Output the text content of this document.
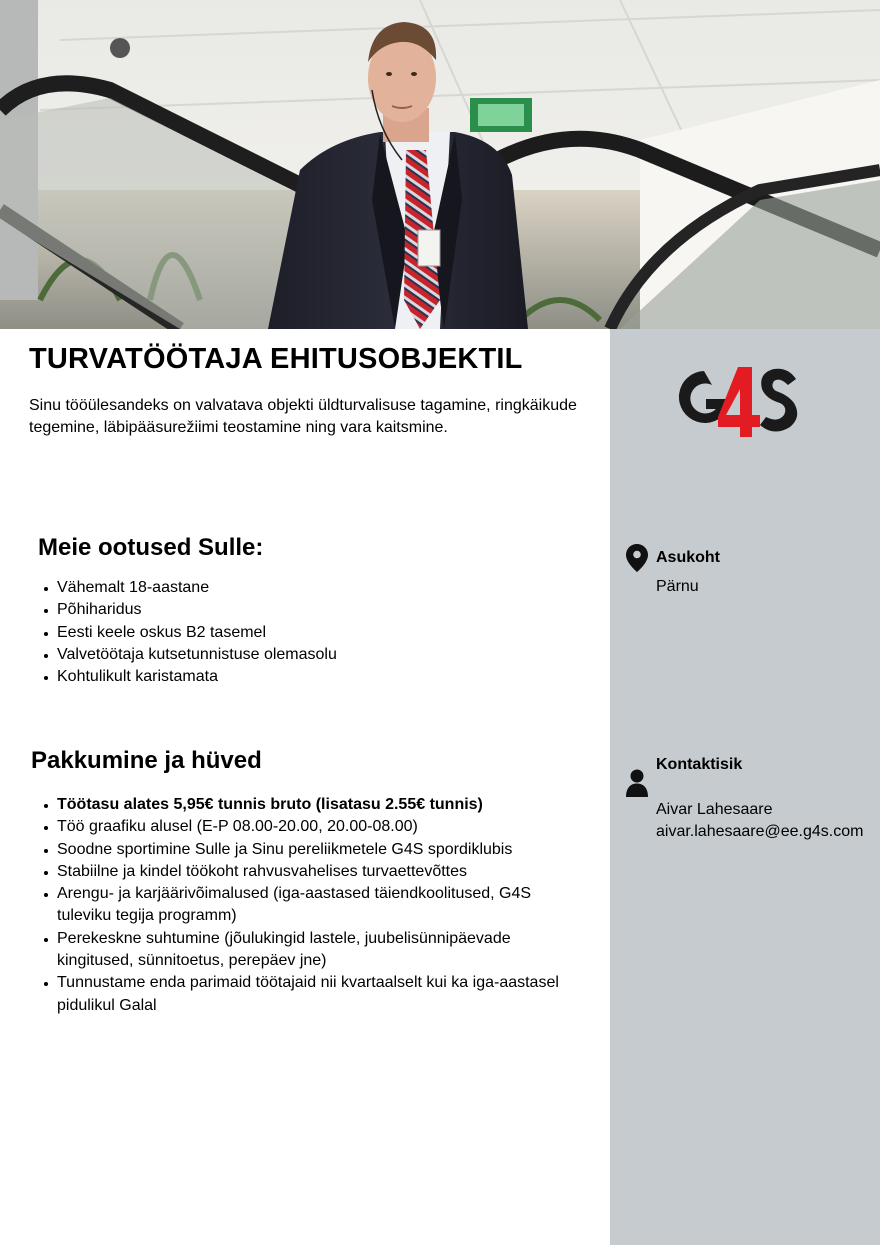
TURVATÖÖTAJA EHITUSOBJEKTIL

Sinu tööülesandeks on valvatava objekti üldturvalisuse tagamine, ringkäikude tegemine, läbipääsurežiimi teostamine ning vara kaitsmine.

Meie ootused Sulle:
Vähemalt 18-aastane
Põhiharidus
Eesti keele oskus B2 tasemel
Valvetöötaja kutsetunnistuse olemasolu
Kohtulikult karistamata
Pakkumine ja hüved
Töötasu alates 5,95€ tunnis bruto (lisatasu 2.55€ tunnis)
Töö graafiku alusel (E-P 08.00-20.00, 20.00-08.00)
Soodne sportimine Sulle ja Sinu pereliikmetele G4S spordiklubis
Stabiilne ja kindel töökoht rahvusvahelises turvaettevõttes
Arengu- ja karjäärivõimalused (iga-aastased täiendkoolitused, G4S tuleviku tegija programm)
Perekeskne suhtumine (jõulukingid lastele, juubelisünnipäevade kingitused, sünnitoetus, perepäev jne)
Tunnustame enda parimaid töötajaid nii kvartaalselt kui ka iga-aastasel pidulikul Galal
Asukoht
Pärnu
Kontaktisik
Aivar Lahesaare
aivar.lahesaare@ee.g4s.com
